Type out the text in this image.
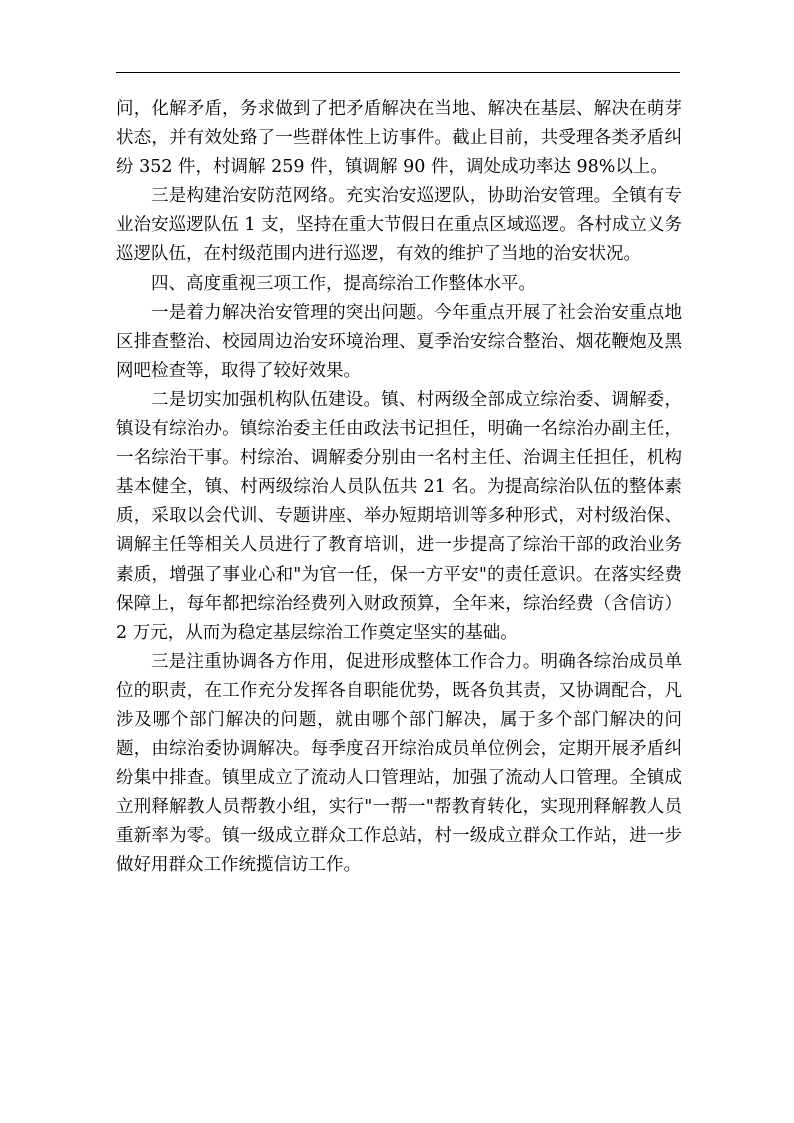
问，化解矛盾，务求做到了把矛盾解决在当地、解决在基层、解决在萌芽状态，并有效处臵了一些群体性上访事件。截止目前，共受理各类矛盾纠纷 352 件，村调解 259 件，镇调解 90 件，调处成功率达 98%以上。

三是构建治安防范网络。充实治安巡逻队，协助治安管理。全镇有专业治安巡逻队伍 1 支，坚持在重大节假日在重点区域巡逻。各村成立义务巡逻队伍，在村级范围内进行巡逻，有效的维护了当地的治安状况。

四、高度重视三项工作，提高综治工作整体水平。

一是着力解决治安管理的突出问题。今年重点开展了社会治安重点地区排查整治、校园周边治安环境治理、夏季治安综合整治、烟花鞭炮及黑网吧检查等，取得了较好效果。

二是切实加强机构队伍建设。镇、村两级全部成立综治委、调解委，镇设有综治办。镇综治委主任由政法书记担任，明确一名综治办副主任，一名综治干事。村综治、调解委分别由一名村主任、治调主任担任，机构基本健全，镇、村两级综治人员队伍共 21 名。为提高综治队伍的整体素质，采取以会代训、专题讲座、举办短期培训等多种形式，对村级治保、调解主任等相关人员进行了教育培训，进一步提高了综治干部的政治业务素质，增强了事业心和"为官一任，保一方平安"的责任意识。在落实经费保障上，每年都把综治经费列入财政预算，全年来，综治经费（含信访）2 万元，从而为稳定基层综治工作奠定坚实的基础。

三是注重协调各方作用，促进形成整体工作合力。明确各综治成员单位的职责，在工作充分发挥各自职能优势，既各负其责，又协调配合，凡涉及哪个部门解决的问题，就由哪个部门解决，属于多个部门解决的问题，由综治委协调解决。每季度召开综治成员单位例会，定期开展矛盾纠纷集中排查。镇里成立了流动人口管理站，加强了流动人口管理。全镇成立刑释解教人员帮教小组，实行"一帮一"帮教育转化，实现刑释解教人员重新率为零。镇一级成立群众工作总站，村一级成立群众工作站，进一步做好用群众工作统揽信访工作。
